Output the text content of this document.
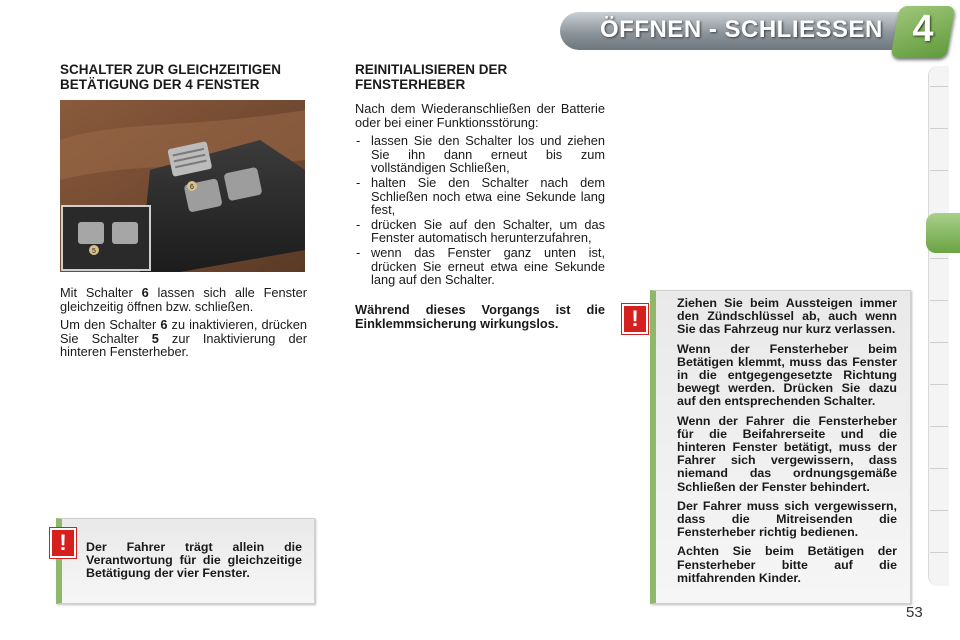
ÖFFNEN - SCHLIESSEN 4
SCHALTER ZUR GLEICHZEITIGEN
BETÄTIGUNG DER 4 FENSTER
6
5

Mit Schalter 6 lassen sich alle Fenster gleichzeitig öffnen bzw. schließen.

Um den Schalter 6 zu inaktivieren, drücken Sie Schalter 5 zur Inaktivierung der hinteren Fensterheber.

REINITIALISIEREN DER
FENSTERHEBER

Nach dem Wiederanschließen der Batterie oder bei einer Funktionsstörung:

- lassen Sie den Schalter los und ziehen Sie ihn dann erneut bis zum vollständigen Schließen,
- halten Sie den Schalter nach dem Schließen noch etwa eine Sekunde lang fest,
- drücken Sie auf den Schalter, um das Fenster automatisch herunterzufahren,
- wenn das Fenster ganz unten ist, drücken Sie erneut etwa eine Sekunde lang auf den Schalter.

Während dieses Vorgangs ist die Einklemmsicherung wirkungslos.

!	Der Fahrer trägt allein die Verantwortung für die gleichzeitige Betätigung der vier Fenster.
!

Ziehen Sie beim Aussteigen immer den Zündschlüssel ab, auch wenn Sie das Fahrzeug nur kurz verlassen.

Wenn der Fensterheber beim Betätigen klemmt, muss das Fenster in die entgegengesetzte Richtung bewegt werden. Drücken Sie dazu auf den entsprechenden Schalter.

Wenn der Fahrer die Fensterheber für die Beifahrerseite und die hinteren Fenster betätigt, muss der Fahrer sich vergewissern, dass niemand das ordnungsgemäße Schließen der Fenster behindert.

Der Fahrer muss sich vergewissern, dass die Mitreisenden die Fensterheber richtig bedienen.

Achten Sie beim Betätigen der Fensterheber bitte auf die mitfahrenden Kinder.

53
